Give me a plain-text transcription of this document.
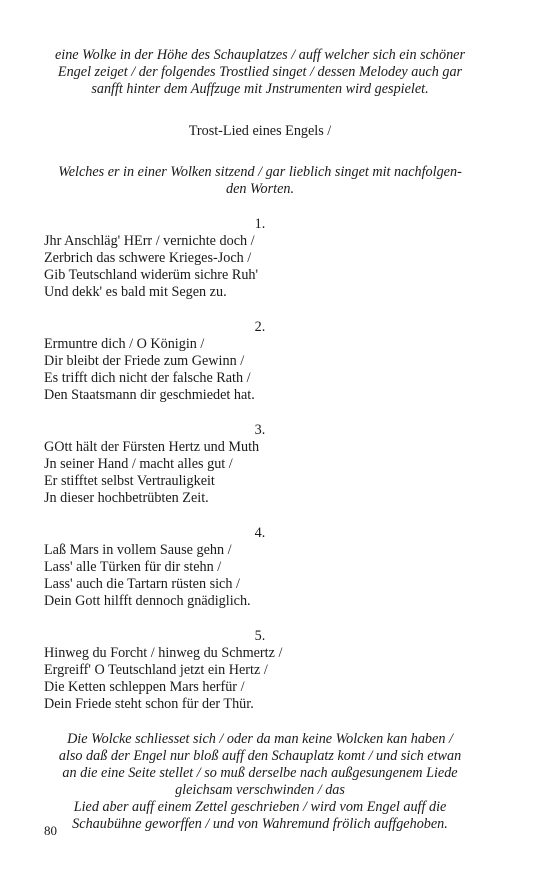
eine Wolke in der Höhe des Schauplatzes / auff welcher sich ein schöner
Engel zeiget / der folgendes Trostlied singet / dessen Melodey auch gar
sanfft hinter dem Auffzuge mit Jnstrumenten wird gespielet.
Trost-Lied eines Engels /
Welches er in einer Wolken sitzend / gar lieblich singet mit nachfolgen-
den Worten.
1.
Jhr Anschläg' HErr / vernichte doch /
Zerbrich das schwere Krieges-Joch /
Gib Teutschland widerüm sichre Ruh'
Und dekk' es bald mit Segen zu.
2.
Ermuntre dich / O Königin /
Dir bleibt der Friede zum Gewinn /
Es trifft dich nicht der falsche Rath /
Den Staatsmann dir geschmiedet hat.
3.
GOtt hält der Fürsten Hertz und Muth
Jn seiner Hand / macht alles gut /
Er stifftet selbst Vertrauligkeit
Jn dieser hochbetrübten Zeit.
4.
Laß Mars in vollem Sause gehn /
Lass' alle Türken für dir stehn /
Lass' auch die Tartarn rüsten sich /
Dein Gott hilfft dennoch gnädiglich.
5.
Hinweg du Forcht / hinweg du Schmertz /
Ergreiff' O Teutschland jetzt ein Hertz /
Die Ketten schleppen Mars herfür /
Dein Friede steht schon für der Thür.
Die Wolcke schliesset sich / oder da man keine Wolcken kan haben /
also daß der Engel nur bloß auff den Schauplatz komt / und sich etwan
an die eine Seite stellet / so muß derselbe nach außgesungenem Liede
gleichsam verschwinden / das
Lied aber auff einem Zettel geschrieben / wird vom Engel auff die
Schaubühne geworffen / und von Wahremund frölich auffgehoben.
80
